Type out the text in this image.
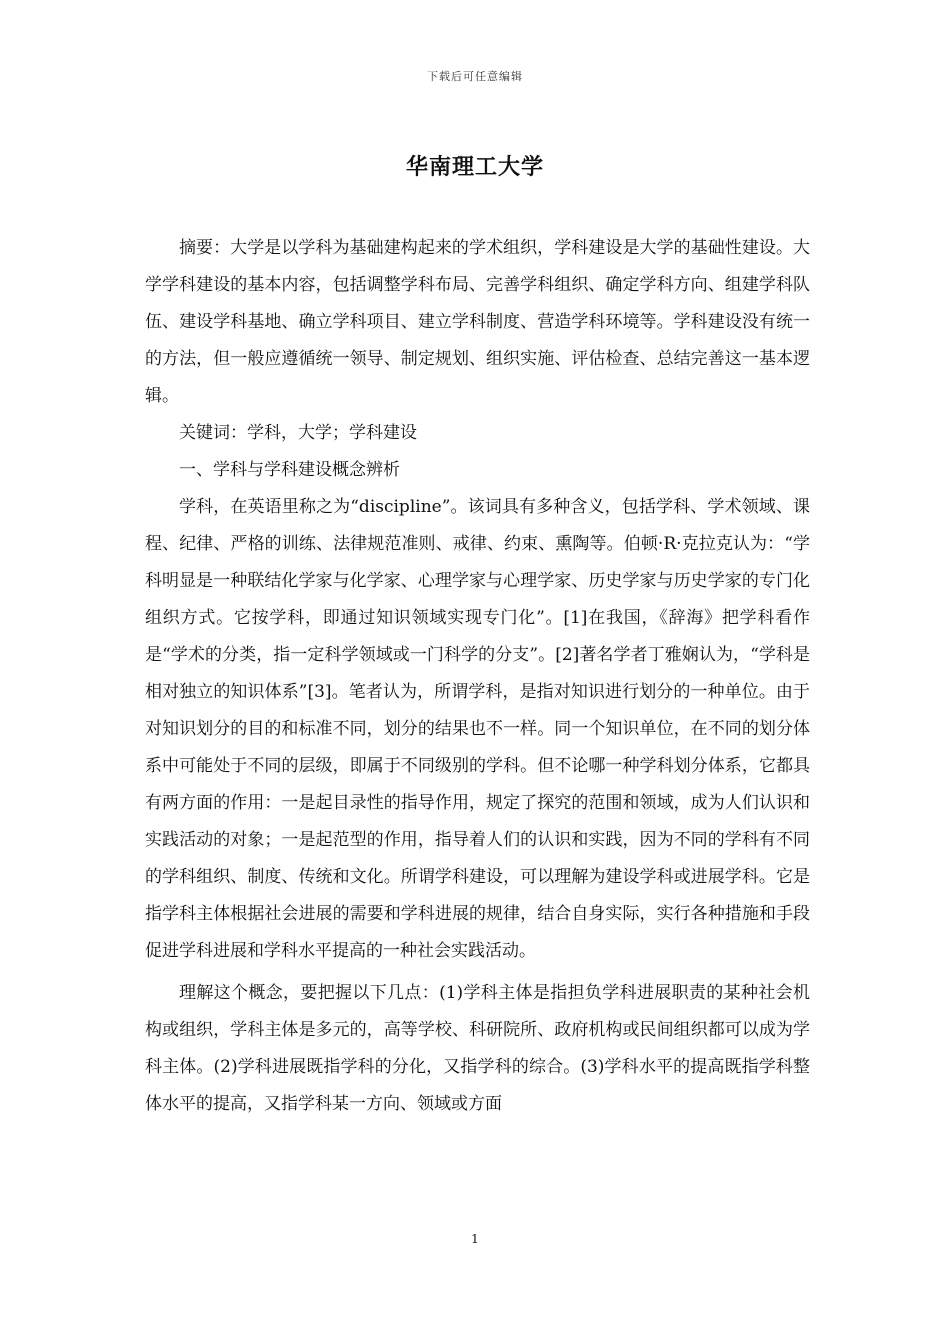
下载后可任意编辑
华南理工大学

摘要：大学是以学科为基础建构起来的学术组织，学科建设是大学的基础性建设。大学学科建设的基本内容，包括调整学科布局、完善学科组织、确定学科方向、组建学科队伍、建设学科基地、确立学科项目、建立学科制度、营造学科环境等。学科建设没有统一的方法，但一般应遵循统一领导、制定规划、组织实施、评估检查、总结完善这一基本逻辑。

关键词：学科，大学；学科建设

一、学科与学科建设概念辨析

学科，在英语里称之为“discipline”。该词具有多种含义，包括学科、学术领域、课程、纪律、严格的训练、法律规范准则、戒律、约束、熏陶等。伯顿·R·克拉克认为：“学科明显是一种联结化学家与化学家、心理学家与心理学家、历史学家与历史学家的专门化组织方式。它按学科，即通过知识领域实现专门化”。[1]在我国，《辞海》把学科看作是“学术的分类，指一定科学领域或一门科学的分支”。[2]著名学者丁雅娴认为，“学科是相对独立的知识体系”[3]。笔者认为，所谓学科，是指对知识进行划分的一种单位。由于对知识划分的目的和标准不同，划分的结果也不一样。同一个知识单位，在不同的划分体系中可能处于不同的层级，即属于不同级别的学科。但不论哪一种学科划分体系，它都具有两方面的作用：一是起目录性的指导作用，规定了探究的范围和领域，成为人们认识和实践活动的对象；一是起范型的作用，指导着人们的认识和实践，因为不同的学科有不同的学科组织、制度、传统和文化。所谓学科建设，可以理解为建设学科或进展学科。它是指学科主体根据社会进展的需要和学科进展的规律，结合自身实际，实行各种措施和手段促进学科进展和学科水平提高的一种社会实践活动。

理解这个概念，要把握以下几点：(1)学科主体是指担负学科进展职责的某种社会机构或组织，学科主体是多元的，高等学校、科研院所、政府机构或民间组织都可以成为学科主体。(2)学科进展既指学科的分化，又指学科的综合。(3)学科水平的提高既指学科整体水平的提高，又指学科某一方向、领域或方面

1
